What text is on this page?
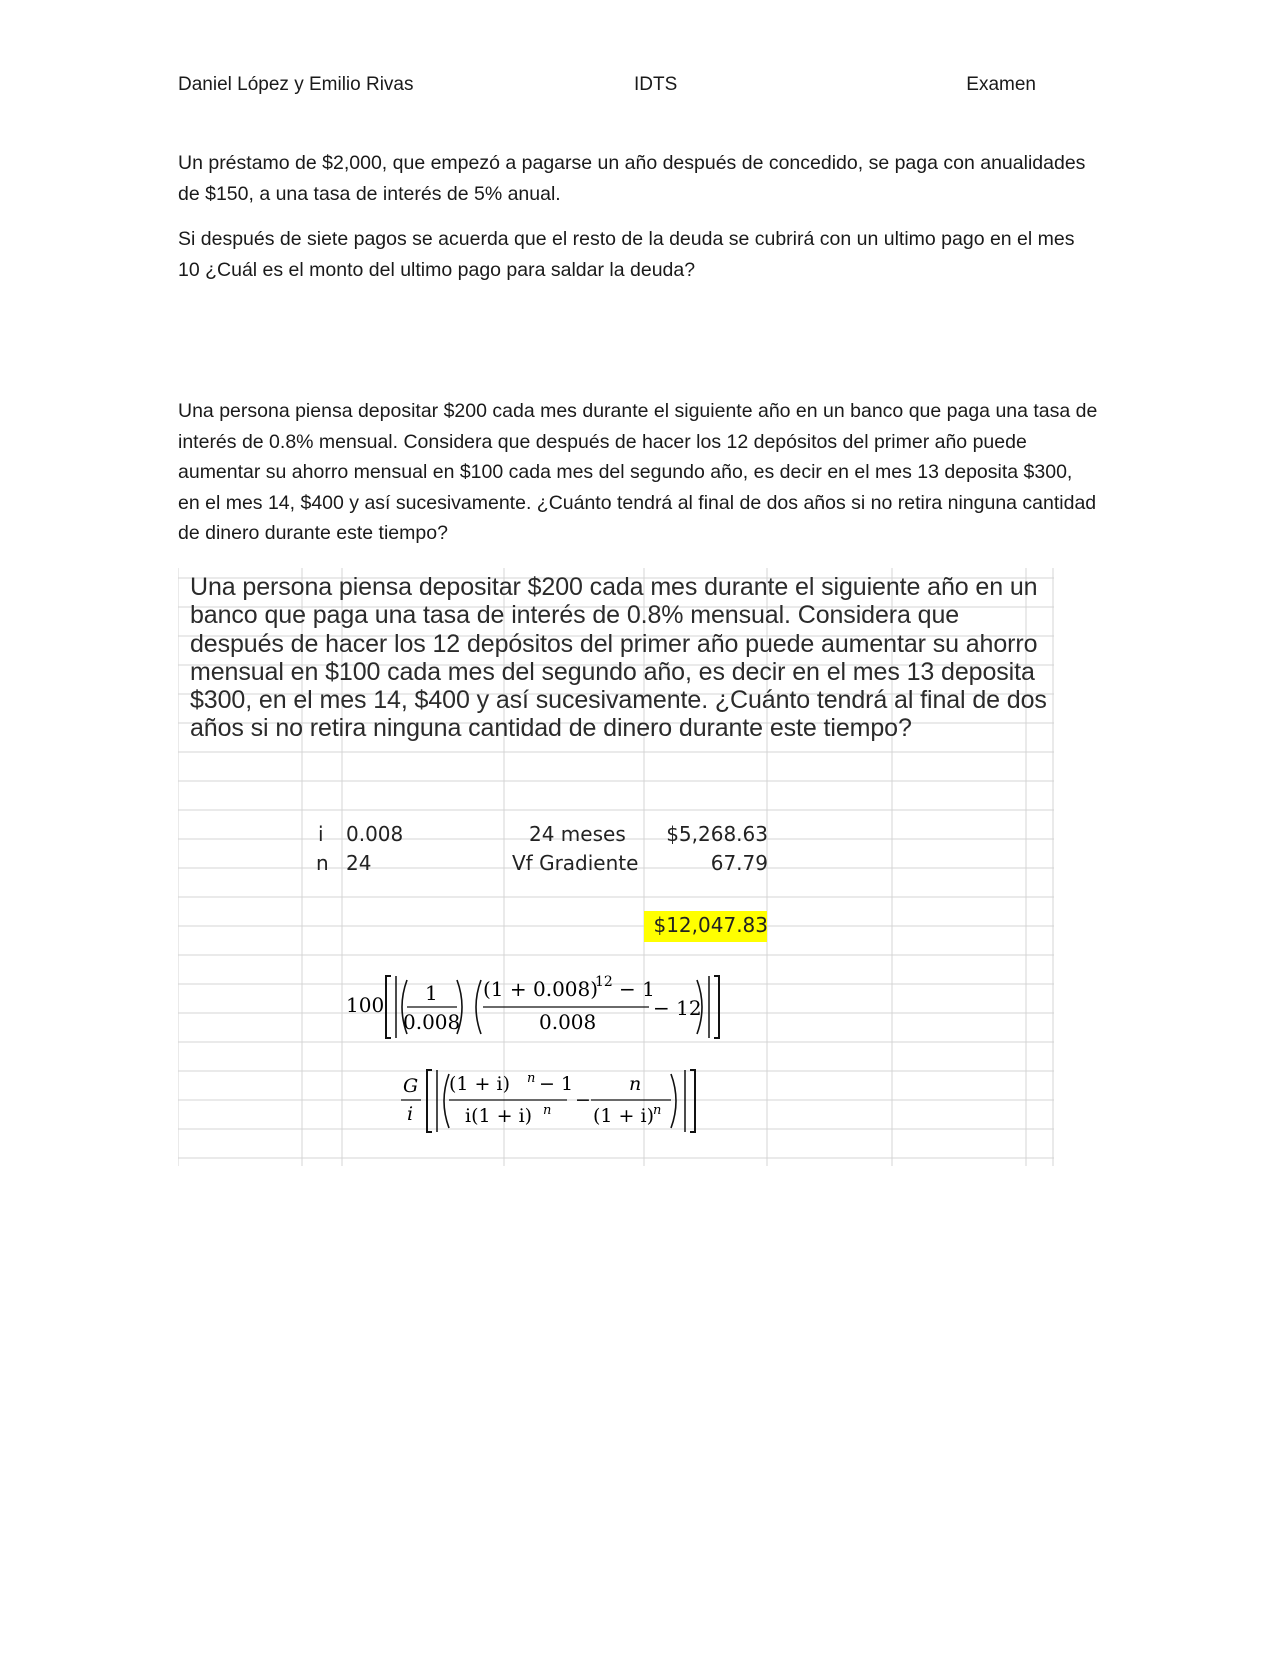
Daniel López y Emilio Rivas	IDTS	Examen

Un préstamo de $2,000, que empezó a pagarse un año después de concedido, se paga con anualidades de $150, a una tasa de interés de 5% anual.

Si después de siete pagos se acuerda que el resto de la deuda se cubrirá con un ultimo pago en el mes 10 ¿Cuál es el monto del ultimo pago para saldar la deuda?

Una persona piensa depositar $200 cada mes durante el siguiente año en un banco que paga una tasa de interés de 0.8% mensual. Considera que después de hacer los 12 depósitos del primer año puede aumentar su ahorro mensual en $100 cada mes del segundo año, es decir en el mes 13 deposita $300, en el mes 14, $400 y así sucesivamente. ¿Cuánto tendrá al final de dos años si no retira ninguna cantidad de dinero durante este tiempo?

Una persona piensa depositar $200 cada mes durante el siguiente año en un banco que paga una tasa de interés de 0.8% mensual. Considera que después de hacer los 12 depósitos del primer año puede aumentar su ahorro mensual en $100 cada mes del segundo año, es decir en el mes 13 deposita $300, en el mes 14, $400 y así sucesivamente. ¿Cuánto tendrá al final de dos años si no retira ninguna cantidad de dinero durante este tiempo?

i 0.008	24 meses $5,268.63
n 24	Vf Gradiente	67.79
$12,047.83
100 1
0.008
(1 + 0.008)
12 − 1
0.008
− 12
G
i
(1 + i) n − 1
i(1 + i) n −
n
(1 + i) n
